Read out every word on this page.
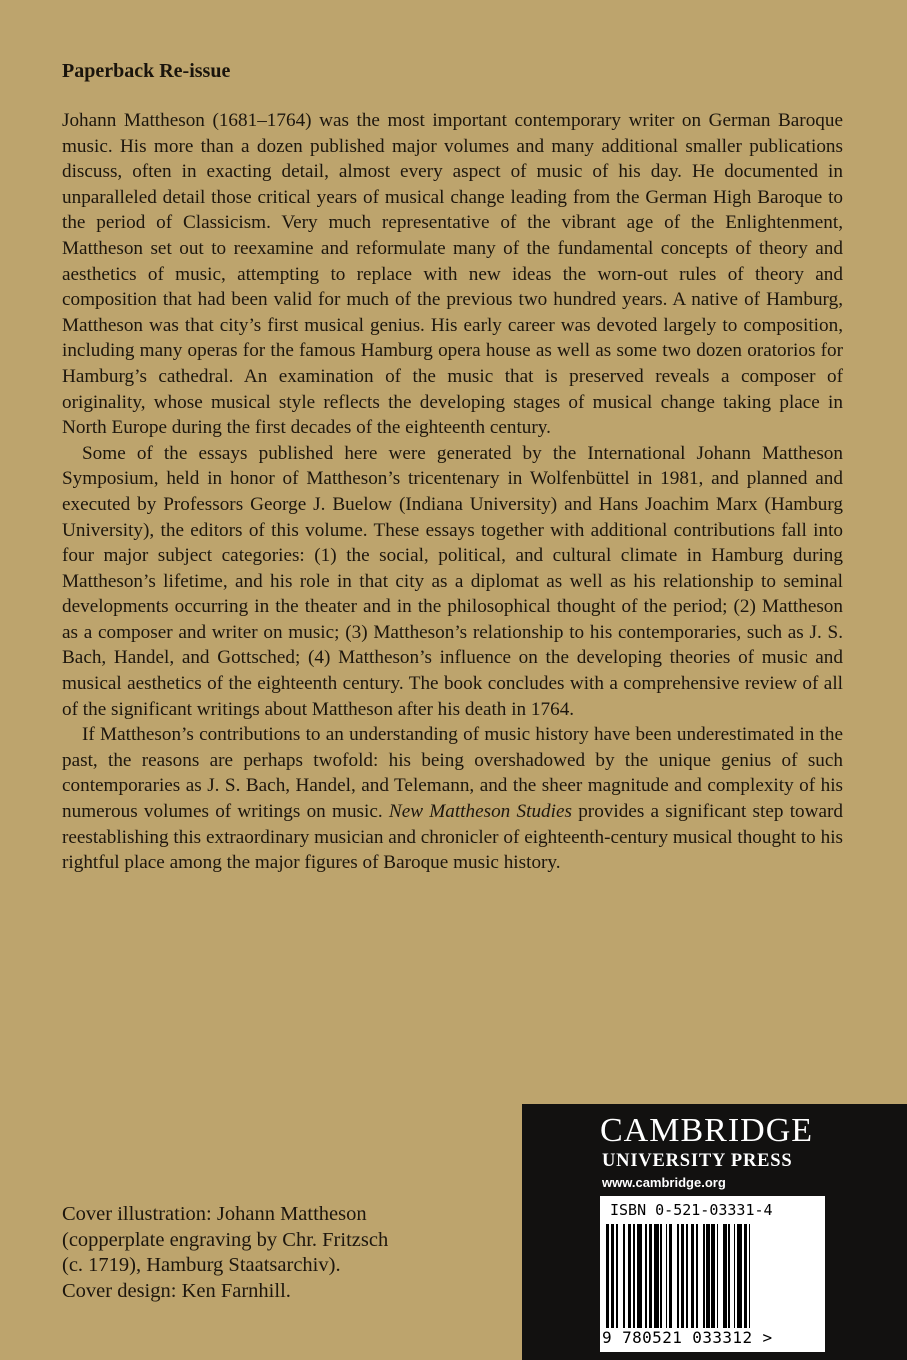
Paperback Re-issue

Johann Mattheson (1681–1764) was the most important contemporary writer on German Baroque music. His more than a dozen published major volumes and many additional smaller publications discuss, often in exacting detail, almost every aspect of music of his day. He documented in unparalleled detail those critical years of musical change leading from the German High Baroque to the period of Classicism. Very much representative of the vibrant age of the Enlightenment, Mattheson set out to reexamine and reformulate many of the fundamental concepts of theory and aesthetics of music, attempting to replace with new ideas the worn-out rules of theory and composition that had been valid for much of the previous two hundred years. A native of Hamburg, Mattheson was that city’s first musical genius. His early career was devoted largely to composition, including many operas for the famous Hamburg opera house as well as some two dozen oratorios for Hamburg’s cathedral. An examination of the music that is preserved reveals a composer of originality, whose musical style reflects the developing stages of musical change taking place in North Europe during the first decades of the eighteenth century.

Some of the essays published here were generated by the International Johann Mattheson Symposium, held in honor of Mattheson’s tricentenary in Wolfenbüttel in 1981, and planned and executed by Professors George J. Buelow (Indiana University) and Hans Joachim Marx (Hamburg University), the editors of this volume. These essays together with additional contributions fall into four major subject categories: (1) the social, political, and cultural climate in Hamburg during Mattheson’s lifetime, and his role in that city as a diplomat as well as his relationship to seminal developments occurring in the theater and in the philosophical thought of the period; (2) Mattheson as a composer and writer on music; (3) Mattheson’s relationship to his contemporaries, such as J. S. Bach, Handel, and Gottsched; (4) Mattheson’s influence on the developing theories of music and musical aesthetics of the eighteenth century. The book concludes with a comprehensive review of all of the significant writings about Mattheson after his death in 1764.

If Mattheson’s contributions to an understanding of music history have been underestimated in the past, the reasons are perhaps twofold: his being overshadowed by the unique genius of such contemporaries as J. S. Bach, Handel, and Telemann, and the sheer magnitude and complexity of his numerous volumes of writings on music. New Mattheson Studies provides a significant step toward reestablishing this extraordinary musician and chronicler of eighteenth-century musical thought to his rightful place among the major figures of Baroque music history.

Cover illustration: Johann Mattheson
(copperplate engraving by Chr. Fritzsch
(c. 1719), Hamburg Staatsarchiv).
Cover design: Ken Farnhill.
CAMBRIDGE
UNIVERSITY PRESS
www.cambridge.org
ISBN 0-521-03331-4
9 780521 033312 >
